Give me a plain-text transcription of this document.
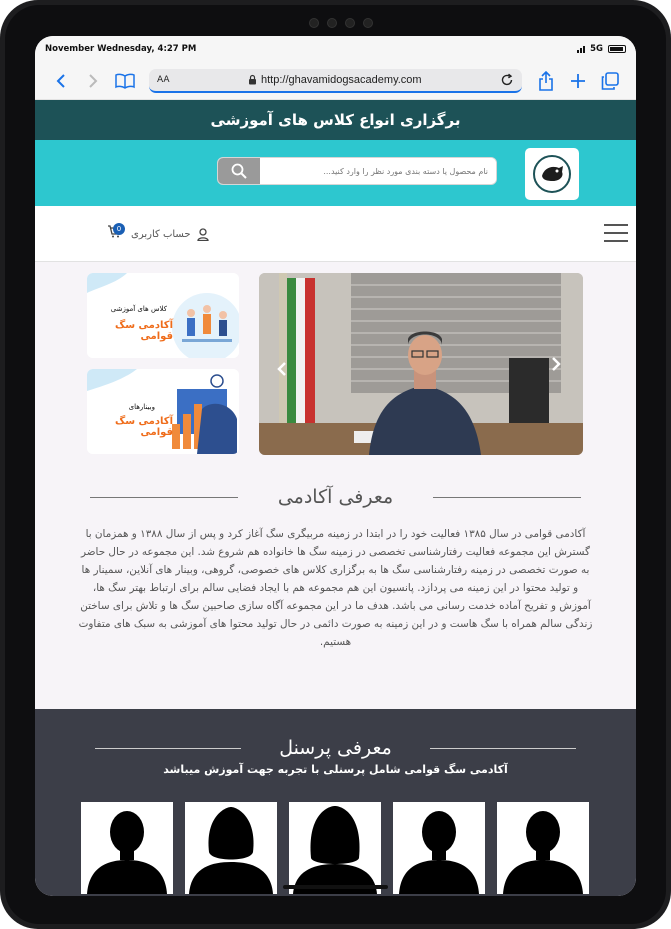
November Wednesday, 4:27 PM	5G
AA	http://ghavamidogsacademy.com
برگزاری انواع کلاس های آموزشی
نام محصول یا دسته بندی مورد نظر را وارد کنید...
حساب کاربری
0
کلاس های آموزشی
آکادمی سگ قوامی
وبینارهای
آکادمی سگ قوامی
معرفی آکادمی

آکادمی قوامی در سال ۱۳۸۵ فعالیت خود را در ابتدا در زمینه مربیگری سگ آغاز کرد و پس از سال ۱۳۸۸ و همزمان با گسترش این مجموعه فعالیت رفتارشناسی تخصصی در زمینه سگ ها خانواده هم شروع شد. این مجموعه در حال حاضر به صورت تخصصی در زمینه رفتارشناسی سگ ها به برگزاری کلاس های خصوصی، گروهی، وبینار های آنلاین، سمینار ها و تولید محتوا در این زمینه می پردازد. پانسیون این هم مجموعه هم با ایجاد فضایی سالم برای ارتباط بهتر سگ ها، آموزش و تفریح آماده خدمت رسانی می باشد. هدف ما در این مجموعه آگاه سازی صاحبین سگ ها و تلاش برای ساختن زندگی سالم همراه با سگ هاست و در این زمینه به صورت دائمی در حال تولید محتوا های آموزشی به سبک های متفاوت هستیم.

معرفی پرسنل
آکادمی سگ قوامی شامل پرسنلی با تجربه جهت آموزش میباشد
